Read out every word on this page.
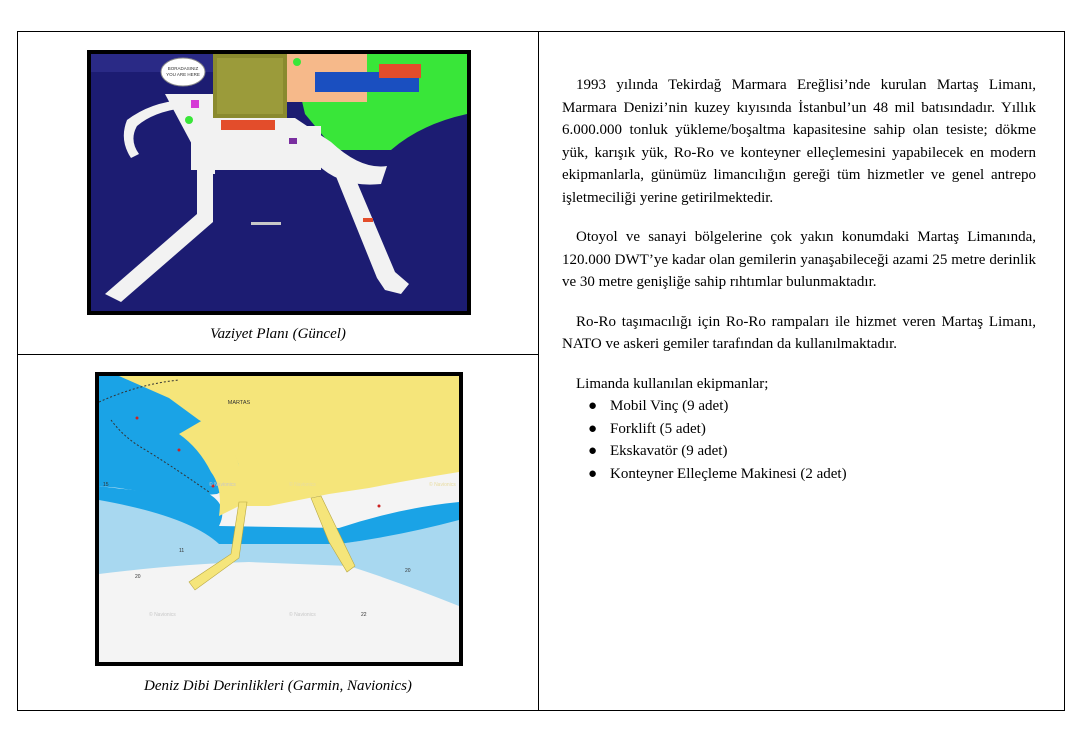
BORADASINIZ
YOU ARE HERE
Vaziyet Planı (Güncel)
MARTAS
© Navionics	© Navionics	© Navionics
© Navionics	© Navionics
15
11
20
20
22
Deniz Dibi Derinlikleri (Garmin, Navionics)

1993 yılında Tekirdağ Marmara Ereğlisi’nde kurulan Martaş Limanı, Marmara Denizi’nin kuzey kıyısında İstanbul’un 48 mil batısındadır. Yıllık 6.000.000 tonluk yükleme/boşaltma kapasitesine sahip olan tesiste; dökme yük, karışık yük, Ro-Ro ve konteyner elleçlemesini yapabilecek en modern ekipmanlarla, günümüz limancılığın gereği tüm hizmetler ve genel antrepo işletmeciliği yerine getirilmektedir.

Otoyol ve sanayi bölgelerine çok yakın konumdaki Martaş Limanında, 120.000 DWT’ye kadar olan gemilerin yanaşabileceği azami 25 metre derinlik ve 30 metre genişliğe sahip rıhtımlar bulunmaktadır.

Ro-Ro taşımacılığı için Ro-Ro rampaları ile hizmet veren Martaş Limanı, NATO ve askeri gemiler tarafından da kullanılmaktadır.

Limanda kullanılan ekipmanlar;
● Mobil Vinç (9 adet)
● Forklift (5 adet)
● Ekskavatör (9 adet)
● Konteyner Elleçleme Makinesi (2 adet)
